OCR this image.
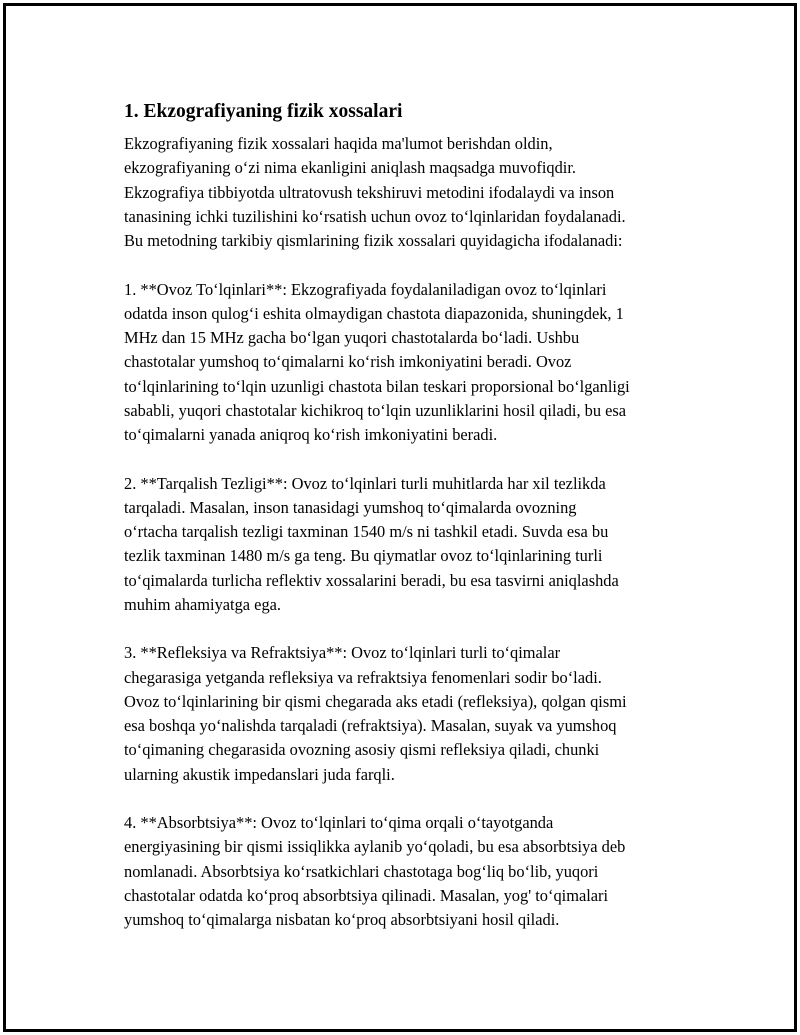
1. Ekzografiyaning fizik xossalari
Ekzografiyaning fizik xossalari haqida ma'lumot berishdan oldin,
ekzografiyaning o‘zi nima ekanligini aniqlash maqsadga muvofiqdir.
Ekzografiya tibbiyotda ultratovush tekshiruvi metodini ifodalaydi va inson
tanasining ichki tuzilishini ko‘rsatish uchun ovoz to‘lqinlaridan foydalanadi.
Bu metodning tarkibiy qismlarining fizik xossalari quyidagicha ifodalanadi:
1. **Ovoz To‘lqinlari**: Ekzografiyada foydalaniladigan ovoz to‘lqinlari
odatda inson qulog‘i eshita olmaydigan chastota diapazonida, shuningdek, 1
MHz dan 15 MHz gacha bo‘lgan yuqori chastotalarda bo‘ladi. Ushbu
chastotalar yumshoq to‘qimalarni ko‘rish imkoniyatini beradi. Ovoz
to‘lqinlarining to‘lqin uzunligi chastota bilan teskari proporsional bo‘lganligi
sababli, yuqori chastotalar kichikroq to‘lqin uzunliklarini hosil qiladi, bu esa
to‘qimalarni yanada aniqroq ko‘rish imkoniyatini beradi.
2. **Tarqalish Tezligi**: Ovoz to‘lqinlari turli muhitlarda har xil tezlikda
tarqaladi. Masalan, inson tanasidagi yumshoq to‘qimalarda ovozning
o‘rtacha tarqalish tezligi taxminan 1540 m/s ni tashkil etadi. Suvda esa bu
tezlik taxminan 1480 m/s ga teng. Bu qiymatlar ovoz to‘lqinlarining turli
to‘qimalarda turlicha reflektiv xossalarini beradi, bu esa tasvirni aniqlashda
muhim ahamiyatga ega.
3. **Refleksiya va Refraktsiya**: Ovoz to‘lqinlari turli to‘qimalar
chegarasiga yetganda refleksiya va refraktsiya fenomenlari sodir bo‘ladi.
Ovoz to‘lqinlarining bir qismi chegarada aks etadi (refleksiya), qolgan qismi
esa boshqa yo‘nalishda tarqaladi (refraktsiya). Masalan, suyak va yumshoq
to‘qimaning chegarasida ovozning asosiy qismi refleksiya qiladi, chunki
ularning akustik impedanslari juda farqli.
4. **Absorbtsiya**: Ovoz to‘lqinlari to‘qima orqali o‘tayotganda
energiyasining bir qismi issiqlikka aylanib yo‘qoladi, bu esa absorbtsiya deb
nomlanadi. Absorbtsiya ko‘rsatkichlari chastotaga bog‘liq bo‘lib, yuqori
chastotalar odatda ko‘proq absorbtsiya qilinadi. Masalan, yog' to‘qimalari
yumshoq to‘qimalarga nisbatan ko‘proq absorbtsiyani hosil qiladi.
